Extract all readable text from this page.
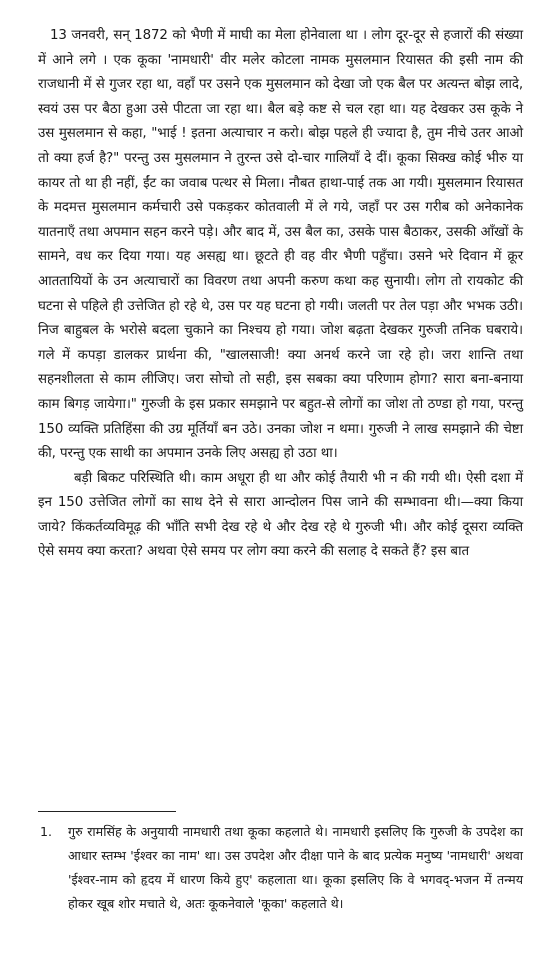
13 जनवरी, सन् 1872 को भैणी में माघी का मेला होनेवाला था । लोग दूर-दूर से हजारों की संख्या में आने लगे । एक कूका 'नामधारी' वीर मलेर कोटला नामक मुसलमान रियासत की इसी नाम की राजधानी में से गुजर रहा था, वहाँ पर उसने एक मुसलमान को देखा जो एक बैल पर अत्यन्त बोझ लादे, स्वयं उस पर बैठा हुआ उसे पीटता जा रहा था। बैल बड़े कष्ट से चल रहा था। यह देखकर उस कूके ने उस मुसलमान से कहा, "भाई ! इतना अत्याचार न करो। बोझ पहले ही ज्यादा है, तुम नीचे उतर आओ तो क्या हर्ज है?" परन्तु उस मुसलमान ने तुरन्त उसे दो-चार गालियाँ दे दीं। कूका सिक्ख कोई भीरु या कायर तो था ही नहीं, ईंट का जवाब पत्थर से मिला। नौबत हाथा-पाई तक आ गयी। मुसलमान रियासत के मदमत्त मुसलमान कर्मचारी उसे पकड़कर कोतवाली में ले गये, जहाँ पर उस गरीब को अनेकानेक यातनाएँ तथा अपमान सहन करने पड़े। और बाद में, उस बैल का, उसके पास बैठाकर, उसकी आँखों के सामने, वध कर दिया गया। यह असह्य था। छूटते ही वह वीर भैणी पहुँचा। उसने भरे दिवान में क्रूर आततायियों के उन अत्याचारों का विवरण तथा अपनी करुण कथा कह सुनायी। लोग तो रायकोट की घटना से पहिले ही उत्तेजित हो रहे थे, उस पर यह घटना हो गयी। जलती पर तेल पड़ा और भभक उठी। निज बाहुबल के भरोसे बदला चुकाने का निश्चय हो गया। जोश बढ़ता देखकर गुरुजी तनिक घबराये। गले में कपड़ा डालकर प्रार्थना की, "खालसाजी! क्या अनर्थ करने जा रहे हो। जरा शान्ति तथा सहनशीलता से काम लीजिए। जरा सोचो तो सही, इस सबका क्या परिणाम होगा? सारा बना-बनाया काम बिगड़ जायेगा।" गुरुजी के इस प्रकार समझाने पर बहुत-से लोगों का जोश तो ठण्डा हो गया, परन्तु 150 व्यक्ति प्रतिहिंसा की उग्र मूर्तियाँ बन उठे। उनका जोश न थमा। गुरुजी ने लाख समझाने की चेष्टा की, परन्तु एक साथी का अपमान उनके लिए असह्य हो उठा था।

बड़ी बिकट परिस्थिति थी। काम अधूरा ही था और कोई तैयारी भी न की गयी थी। ऐसी दशा में इन 150 उत्तेजित लोगों का साथ देने से सारा आन्दोलन पिस जाने की सम्भावना थी।—क्या किया जाये? किंकर्तव्यविमूढ़ की भाँति सभी देख रहे थे और देख रहे थे गुरुजी भी। और कोई दूसरा व्यक्ति ऐसे समय क्या करता? अथवा ऐसे समय पर लोग क्या करने की सलाह दे सकते हैं? इस बात

1.	गुरु रामसिंह के अनुयायी नामधारी तथा कूका कहलाते थे। नामधारी इसलिए कि गुरुजी के उपदेश का आधार स्तम्भ 'ईश्वर का नाम' था। उस उपदेश और दीक्षा पाने के बाद प्रत्येक मनुष्य 'नामधारी' अथवा 'ईश्वर-नाम को हृदय में धारण किये हुए' कहलाता था। कूका इसलिए कि वे भगवद्-भजन में तन्मय होकर खूब शोर मचाते थे, अतः कूकनेवाले 'कूका' कहलाते थे।
